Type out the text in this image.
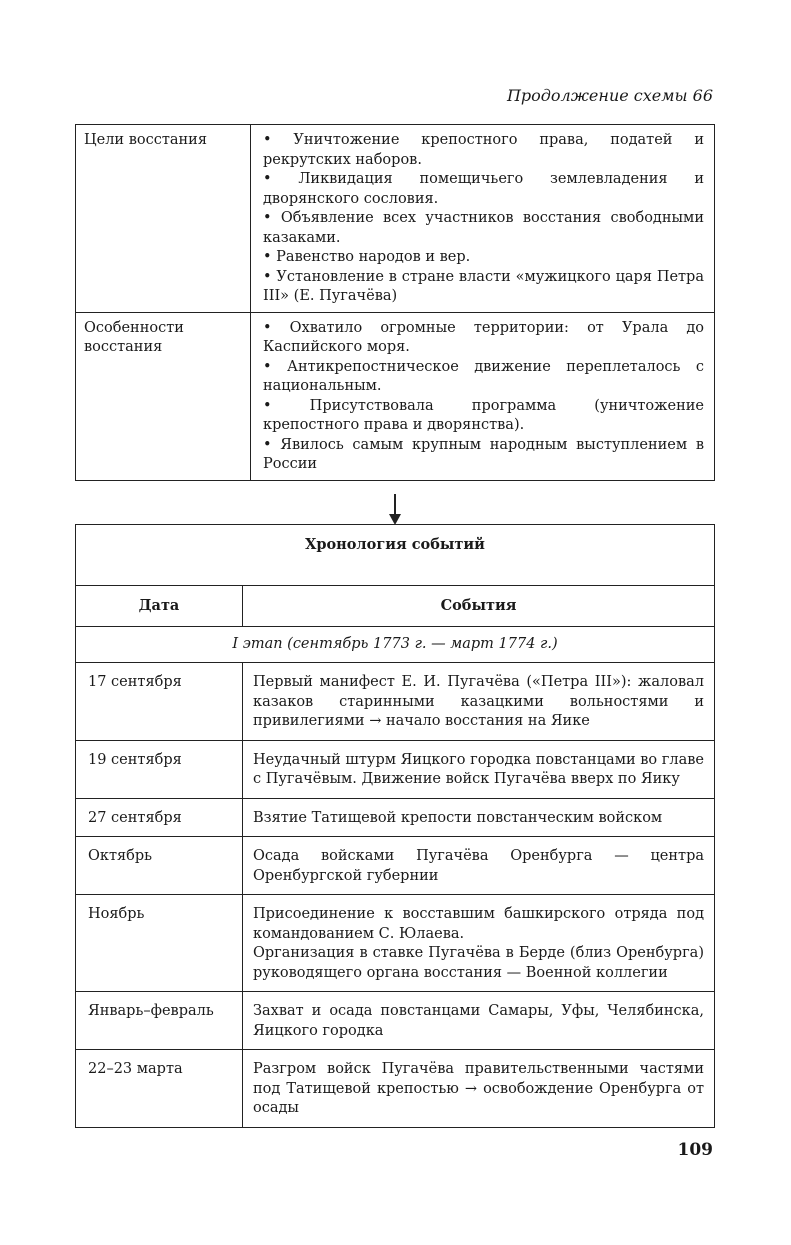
Продолжение схемы 66
Цели восстания	• Уничтожение крепостного права, податей и рекрутских наборов.
• Ликвидация помещичьего землевладения и дворянского сословия.
• Объявление всех участников восстания свободными казаками.
• Равенство народов и вер.
• Установление в стране власти «мужицкого царя Петра III» (Е. Пугачёва)

Особенности восстания	• Охватило огромные территории: от Урала до Каспийского моря.
• Антикрепостническое движение переплеталось с национальным.
• Присутствовала программа (уничтожение крепостного права и дворянства).
• Явилось самым крупным народным выступлением в России
Хронология событий	
Дата	События
I этап (сентябрь 1773 г. — март 1774 г.)	
17 сентября	Первый манифест Е. И. Пугачёва («Петра III»): жаловал казаков старинными казацкими вольностями и привилегиями → начало восстания на Яике
19 сентября	Неудачный штурм Яицкого городка повстанцами во главе с Пугачёвым. Движение войск Пугачёва вверх по Яику
27 сентября	Взятие Татищевой крепости повстанческим войском
Октябрь	Осада войсками Пугачёва Оренбурга — центра Оренбургской губернии
Ноябрь	Присоединение к восставшим башкирского отряда под командованием С. Юлаева.
Организация в ставке Пугачёва в Берде (близ Оренбурга) руководящего органа восстания — Военной коллегии

Январь–февраль	Захват и осада повстанцами Самары, Уфы, Челябинска, Яицкого городка
22–23 марта	Разгром войск Пугачёва правительственными частями под Татищевой крепостью → освобождение Оренбурга от осады
109
